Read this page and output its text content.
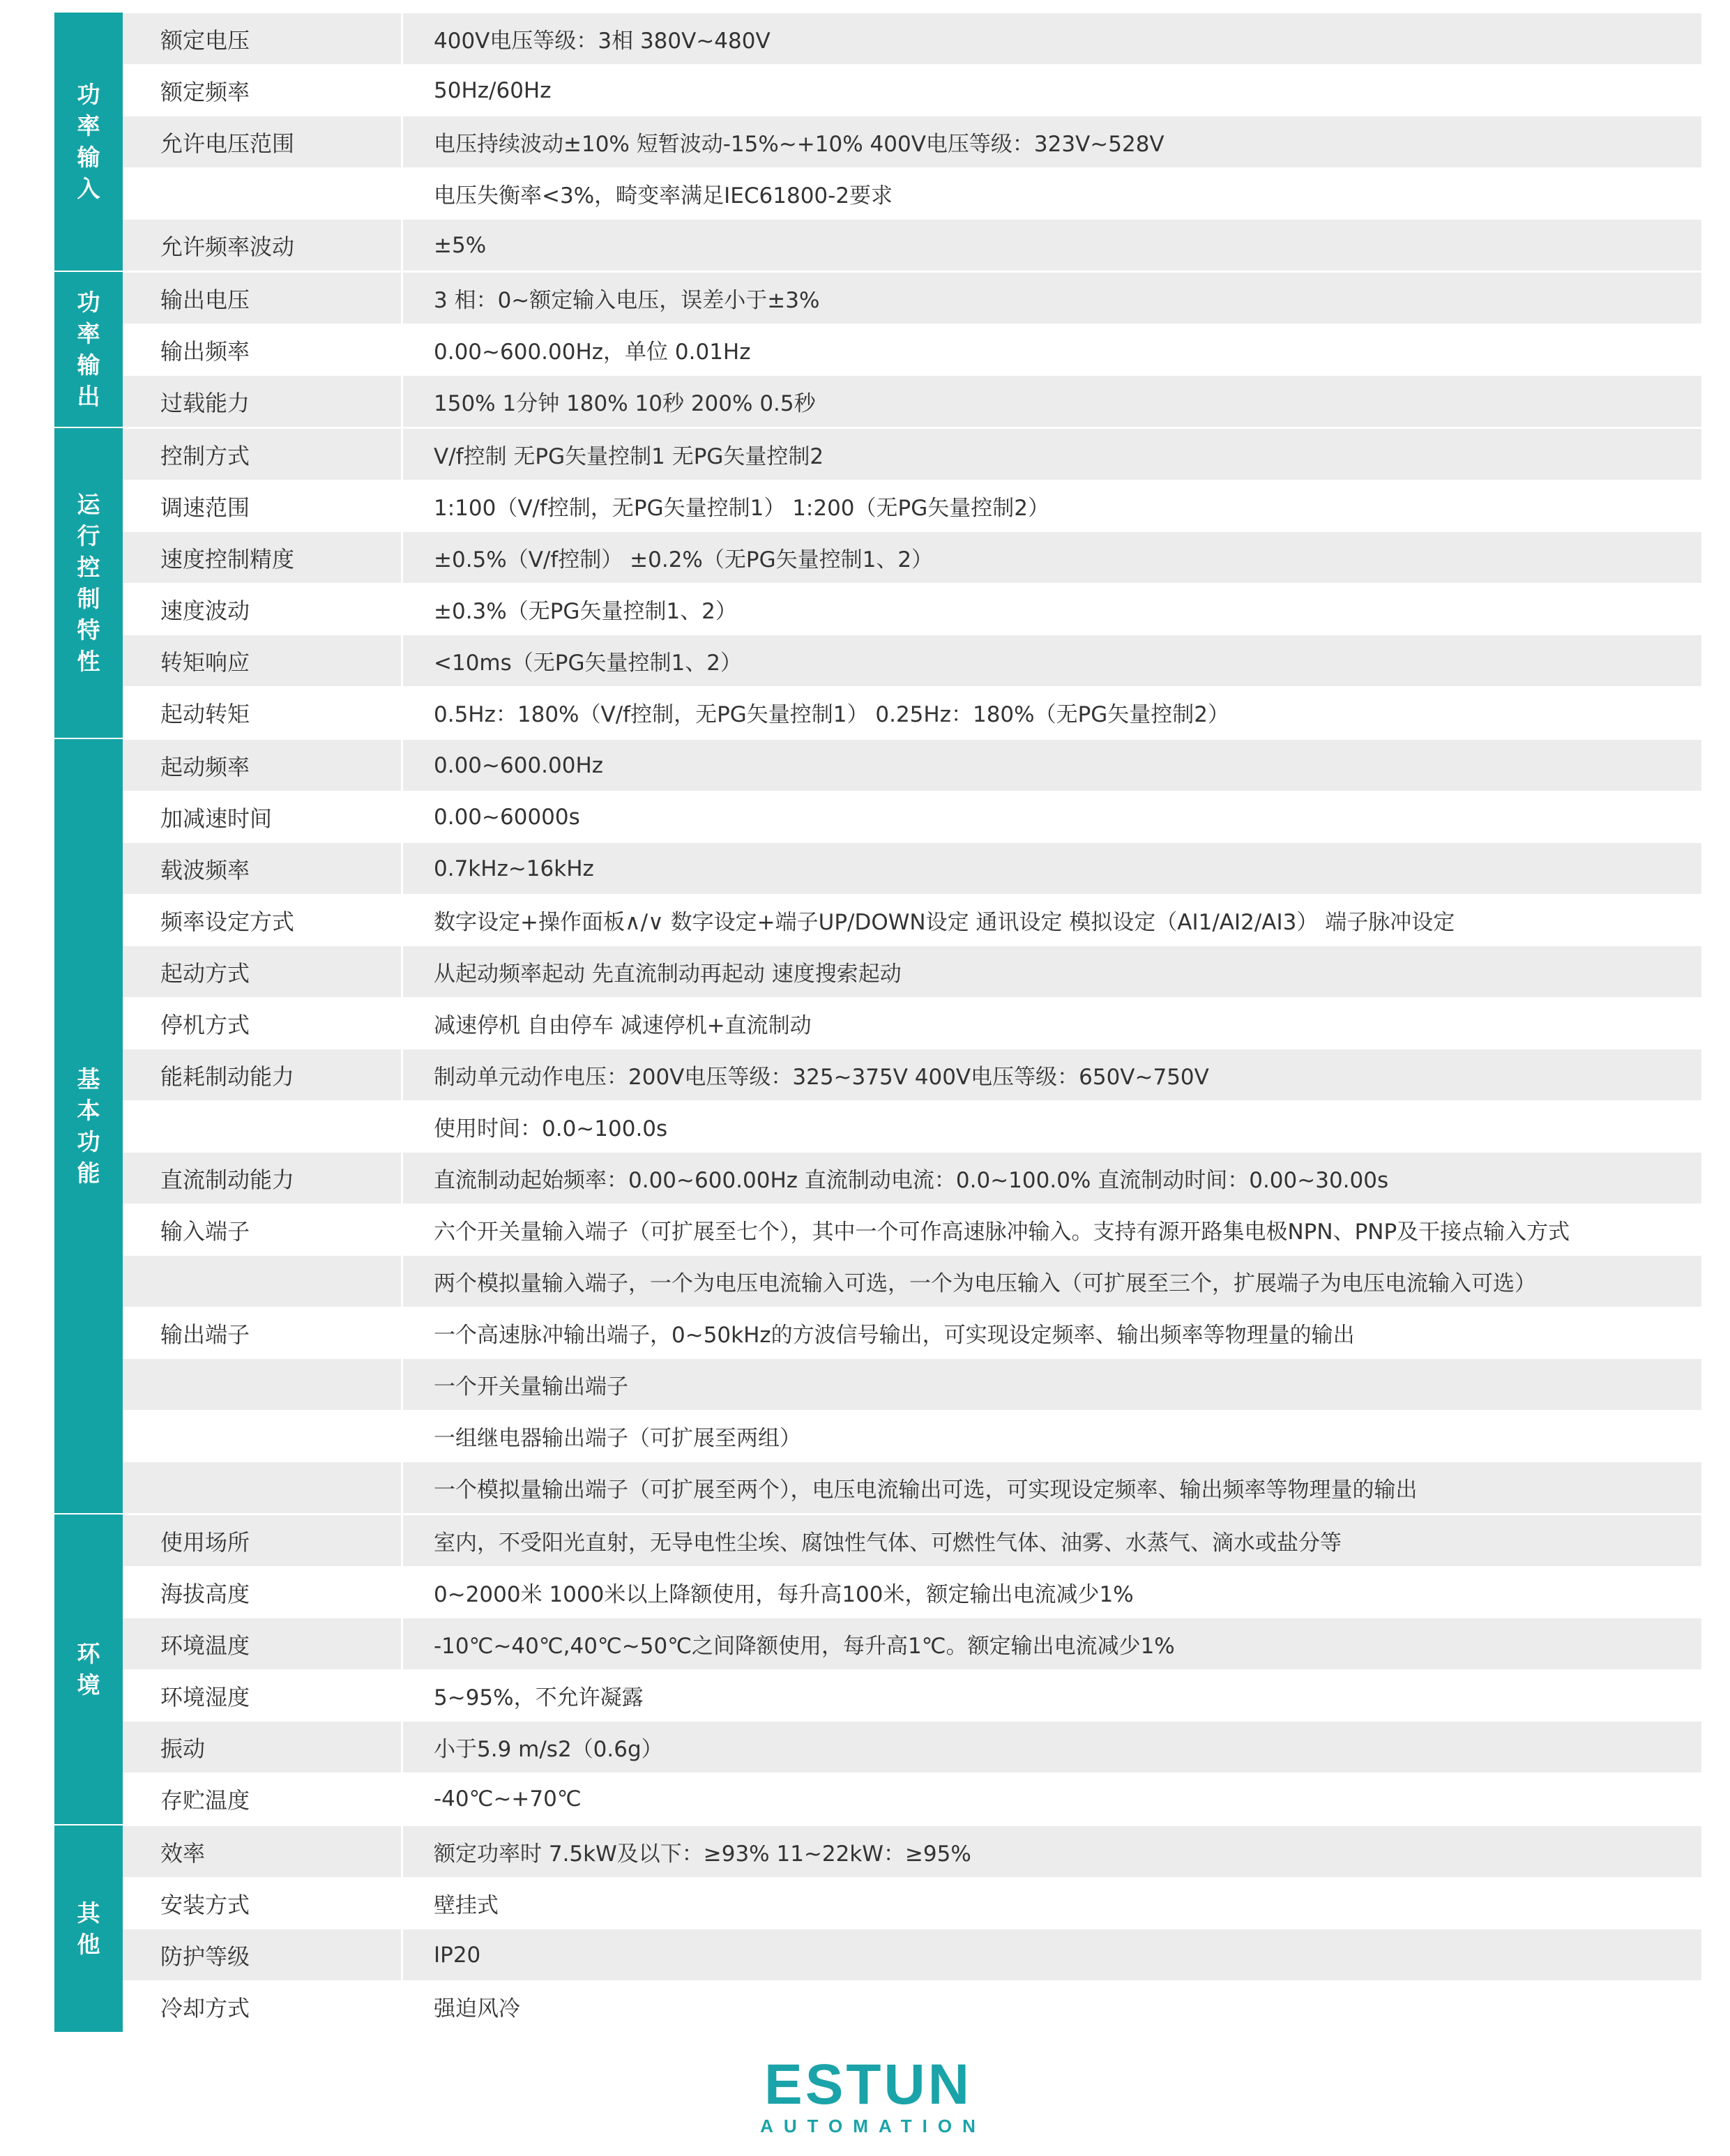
功率输入
额定电压	400V电压等级：3相 380V~480V
额定频率	50Hz/60Hz
允许电压范围	电压持续波动±10% 短暂波动-15%~+10% 400V电压等级：323V~528V
电压失衡率<3%，畸变率满足IEC61800-2要求
允许频率波动	±5%
功率输出
输出电压	3 相：0~额定输入电压，误差小于±3%
输出频率	0.00~600.00Hz，单位 0.01Hz
过载能力	150% 1分钟 180% 10秒 200% 0.5秒
运行控制特性
控制方式	V/f控制 无PG矢量控制1 无PG矢量控制2
调速范围	1:100（V/f控制，无PG矢量控制1） 1:200（无PG矢量控制2）
速度控制精度	±0.5%（V/f控制） ±0.2%（无PG矢量控制1、2）
速度波动	±0.3%（无PG矢量控制1、2）
转矩响应	<10ms（无PG矢量控制1、2）
起动转矩	0.5Hz：180%（V/f控制，无PG矢量控制1） 0.25Hz：180%（无PG矢量控制2）
基本功能
起动频率	0.00~600.00Hz
加减速时间	0.00~60000s
载波频率	0.7kHz~16kHz
频率设定方式	数字设定+操作面板∧/∨ 数字设定+端子UP/DOWN设定 通讯设定 模拟设定（AI1/AI2/AI3） 端子脉冲设定
起动方式	从起动频率起动 先直流制动再起动 速度搜索起动
停机方式	减速停机 自由停车 减速停机+直流制动
能耗制动能力	制动单元动作电压：200V电压等级：325~375V 400V电压等级：650V~750V
使用时间：0.0~100.0s
直流制动能力	直流制动起始频率：0.00~600.00Hz 直流制动电流：0.0~100.0% 直流制动时间：0.00~30.00s
输入端子	六个开关量输入端子（可扩展至七个），其中一个可作高速脉冲输入。支持有源开路集电极NPN、PNP及干接点输入方式
两个模拟量输入端子，一个为电压电流输入可选，一个为电压输入（可扩展至三个，扩展端子为电压电流输入可选）
输出端子	一个高速脉冲输出端子，0~50kHz的方波信号输出，可实现设定频率、输出频率等物理量的输出
一个开关量输出端子
一组继电器输出端子（可扩展至两组）
一个模拟量输出端子（可扩展至两个），电压电流输出可选，可实现设定频率、输出频率等物理量的输出
环境
使用场所	室内，不受阳光直射，无导电性尘埃、腐蚀性气体、可燃性气体、油雾、水蒸气、滴水或盐分等
海拔高度	0~2000米 1000米以上降额使用，每升高100米，额定输出电流减少1%
环境温度	-10℃~40℃,40℃~50℃之间降额使用，每升高1℃。额定输出电流减少1%
环境湿度	5~95%，不允许凝露
振动	小于5.9 m/s2（0.6g）
存贮温度	-40℃~+70℃
其他
效率	额定功率时 7.5kW及以下：≥93% 11~22kW：≥95%
安装方式	壁挂式
防护等级	IP20
冷却方式	强迫风冷
ESTUN
AUTOMATION
